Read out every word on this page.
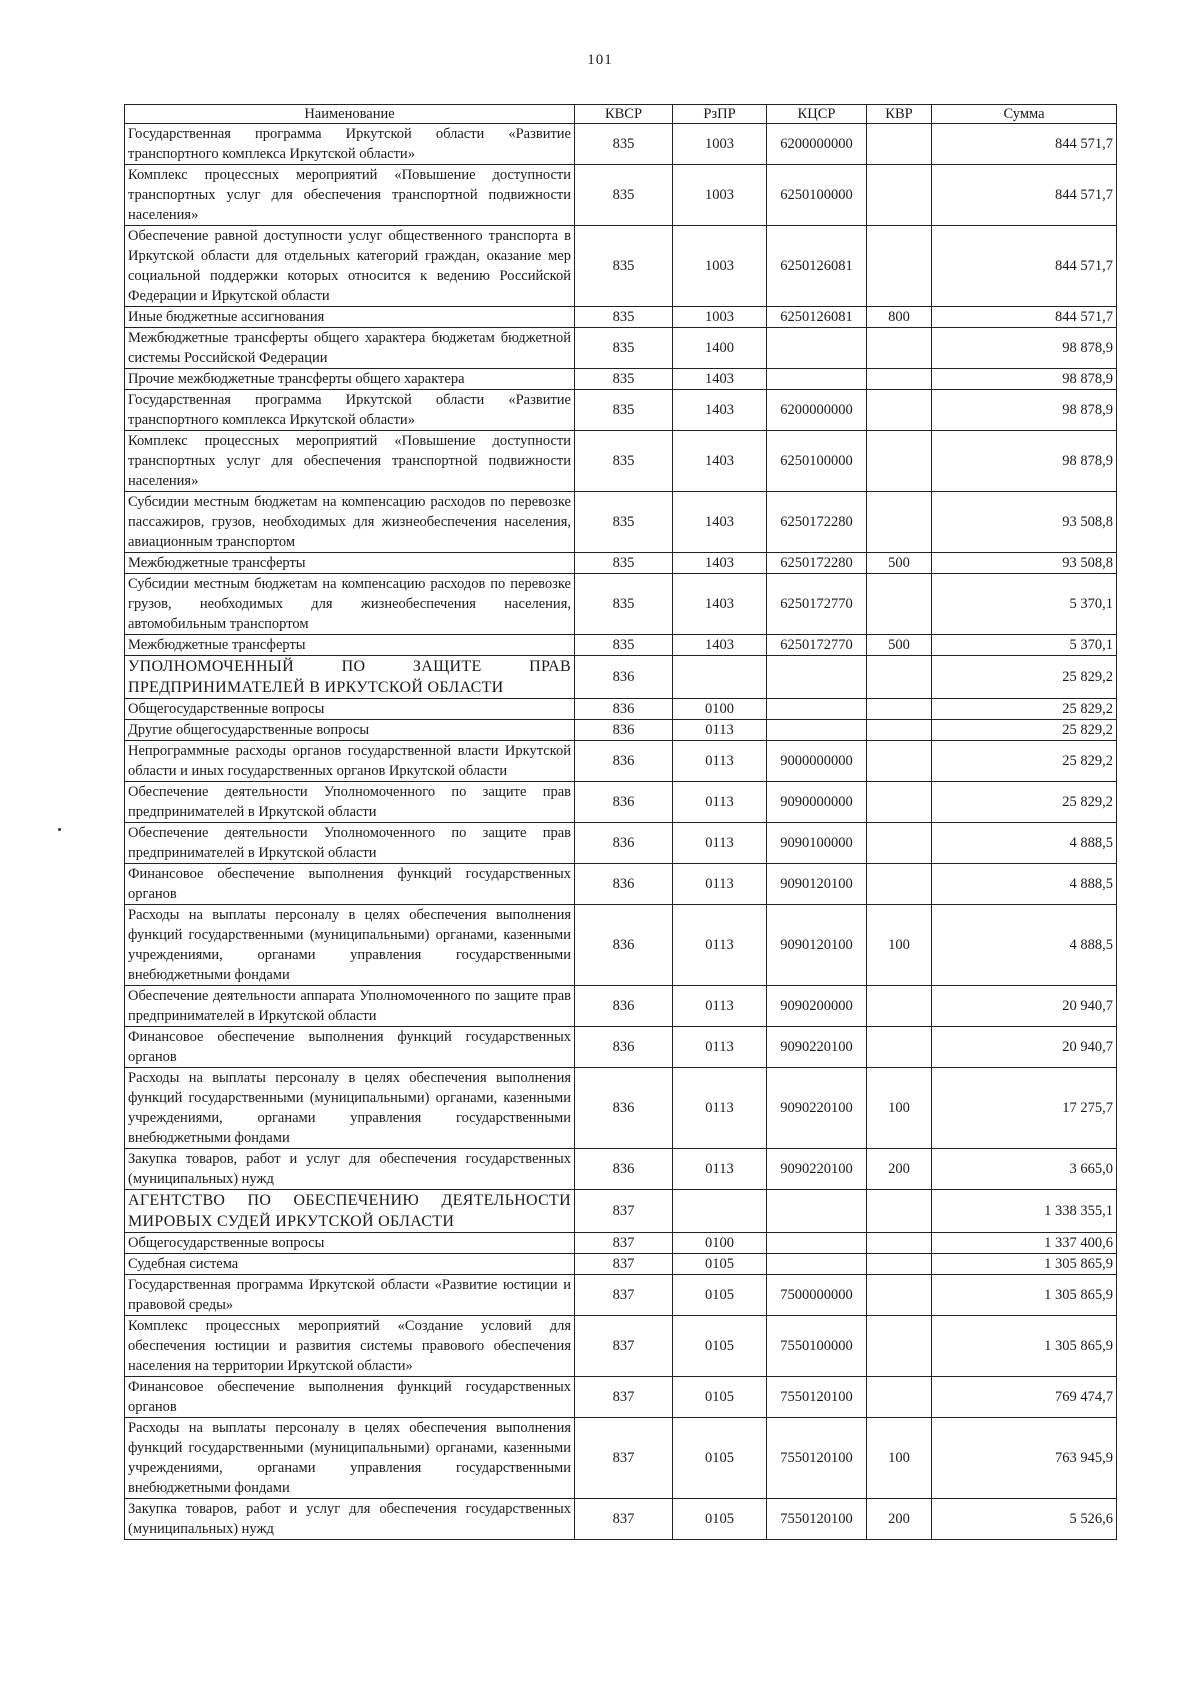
101
Наименование	КВСР	РзПР	КЦСР	КВР	Сумма
Государственная программа Иркутской области «Развитие транспортного комплекса Иркутской области»	835	1003	6200000000		844 571,7
Комплекс процессных мероприятий «Повышение доступности транспортных услуг для обеспечения транспортной подвижности населения»	835	1003	6250100000		844 571,7
Обеспечение равной доступности услуг общественного транспорта в Иркутской области для отдельных категорий граждан, оказание мер социальной поддержки которых относится к ведению Российской Федерации и Иркутской области	835	1003	6250126081		844 571,7
Иные бюджетные ассигнования	835	1003	6250126081	800	844 571,7
Межбюджетные трансферты общего характера бюджетам бюджетной системы Российской Федерации	835	1400			98 878,9
Прочие межбюджетные трансферты общего характера	835	1403			98 878,9
Государственная программа Иркутской области «Развитие транспортного комплекса Иркутской области»	835	1403	6200000000		98 878,9
Комплекс процессных мероприятий «Повышение доступности транспортных услуг для обеспечения транспортной подвижности населения»	835	1403	6250100000		98 878,9
Субсидии местным бюджетам на компенсацию расходов по перевозке пассажиров, грузов, необходимых для жизнеобеспечения населения, авиационным транспортом	835	1403	6250172280		93 508,8
Межбюджетные трансферты	835	1403	6250172280	500	93 508,8
Субсидии местным бюджетам на компенсацию расходов по перевозке грузов, необходимых для жизнеобеспечения населения, автомобильным транспортом	835	1403	6250172770		5 370,1
Межбюджетные трансферты	835	1403	6250172770	500	5 370,1
УПОЛНОМОЧЕННЫЙ ПО ЗАЩИТЕ ПРАВ ПРЕДПРИНИМАТЕЛЕЙ В ИРКУТСКОЙ ОБЛАСТИ	836				25 829,2
Общегосударственные вопросы	836	0100			25 829,2
Другие общегосударственные вопросы	836	0113			25 829,2
Непрограммные расходы органов государственной власти Иркутской области и иных государственных органов Иркутской области	836	0113	9000000000		25 829,2
Обеспечение деятельности Уполномоченного по защите прав предпринимателей в Иркутской области	836	0113	9090000000		25 829,2
Обеспечение деятельности Уполномоченного по защите прав предпринимателей в Иркутской области	836	0113	9090100000		4 888,5
Финансовое обеспечение выполнения функций государственных органов	836	0113	9090120100		4 888,5
Расходы на выплаты персоналу в целях обеспечения выполнения функций государственными (муниципальными) органами, казенными учреждениями, органами управления государственными внебюджетными фондами	836	0113	9090120100	100	4 888,5
Обеспечение деятельности аппарата Уполномоченного по защите прав предпринимателей в Иркутской области	836	0113	9090200000		20 940,7
Финансовое обеспечение выполнения функций государственных органов	836	0113	9090220100		20 940,7
Расходы на выплаты персоналу в целях обеспечения выполнения функций государственными (муниципальными) органами, казенными учреждениями, органами управления государственными внебюджетными фондами	836	0113	9090220100	100	17 275,7
Закупка товаров, работ и услуг для обеспечения государственных (муниципальных) нужд	836	0113	9090220100	200	3 665,0
АГЕНТСТВО ПО ОБЕСПЕЧЕНИЮ ДЕЯТЕЛЬНОСТИ МИРОВЫХ СУДЕЙ ИРКУТСКОЙ ОБЛАСТИ	837				1 338 355,1
Общегосударственные вопросы	837	0100			1 337 400,6
Судебная система	837	0105			1 305 865,9
Государственная программа Иркутской области «Развитие юстиции и правовой среды»	837	0105	7500000000		1 305 865,9
Комплекс процессных мероприятий «Создание условий для обеспечения юстиции и развития системы правового обеспечения населения на территории Иркутской области»	837	0105	7550100000		1 305 865,9
Финансовое обеспечение выполнения функций государственных органов	837	0105	7550120100		769 474,7
Расходы на выплаты персоналу в целях обеспечения выполнения функций государственными (муниципальными) органами, казенными учреждениями, органами управления государственными внебюджетными фондами	837	0105	7550120100	100	763 945,9
Закупка товаров, работ и услуг для обеспечения государственных (муниципальных) нужд	837	0105	7550120100	200	5 526,6
